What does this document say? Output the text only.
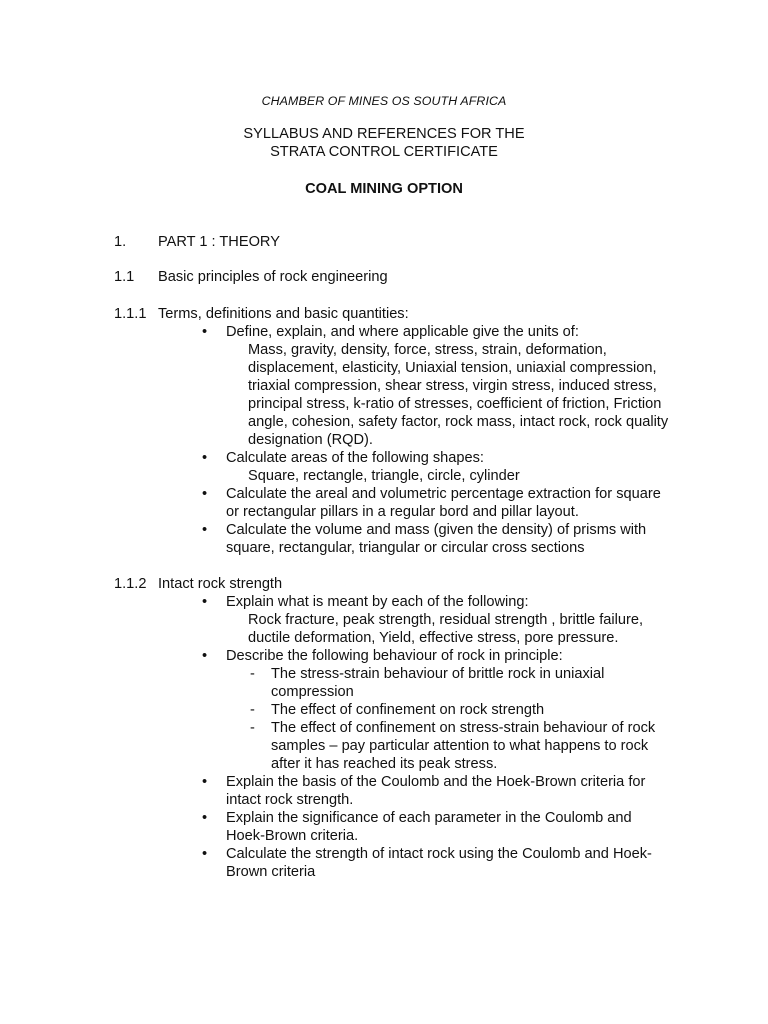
CHAMBER OF MINES OS SOUTH AFRICA
SYLLABUS AND REFERENCES FOR THE
STRATA CONTROL CERTIFICATE
COAL MINING OPTION
1. PART 1 : THEORY
1.1 Basic principles of rock engineering
1.1.1 Terms, definitions and basic quantities:
• Define, explain, and where applicable give the units of:
Mass, gravity, density, force, stress, strain, deformation, displacement, elasticity, Uniaxial tension, uniaxial compression, triaxial compression, shear stress, virgin stress, induced stress, principal stress, k-ratio of stresses, coefficient of friction, Friction angle, cohesion, safety factor, rock mass, intact rock, rock quality designation (RQD).
• Calculate areas of the following shapes:
Square, rectangle, triangle, circle, cylinder
• Calculate the areal and volumetric percentage extraction for square or rectangular pillars in a regular bord and pillar layout.
• Calculate the volume and mass (given the density) of prisms with square, rectangular, triangular or circular cross sections
1.1.2 Intact rock strength
• Explain what is meant by each of the following:
Rock fracture, peak strength, residual strength , brittle failure, ductile deformation, Yield, effective stress, pore pressure.
• Describe the following behaviour of rock in principle:
- The stress-strain behaviour of brittle rock in uniaxial compression
- The effect of confinement on rock strength
- The effect of confinement on stress-strain behaviour of rock samples – pay particular attention to what happens to rock after it has reached its peak stress.
• Explain the basis of the Coulomb and the Hoek-Brown criteria for intact rock strength.
• Explain the significance of each parameter in the Coulomb and Hoek-Brown criteria.
• Calculate the strength of intact rock using the Coulomb and Hoek-Brown criteria
